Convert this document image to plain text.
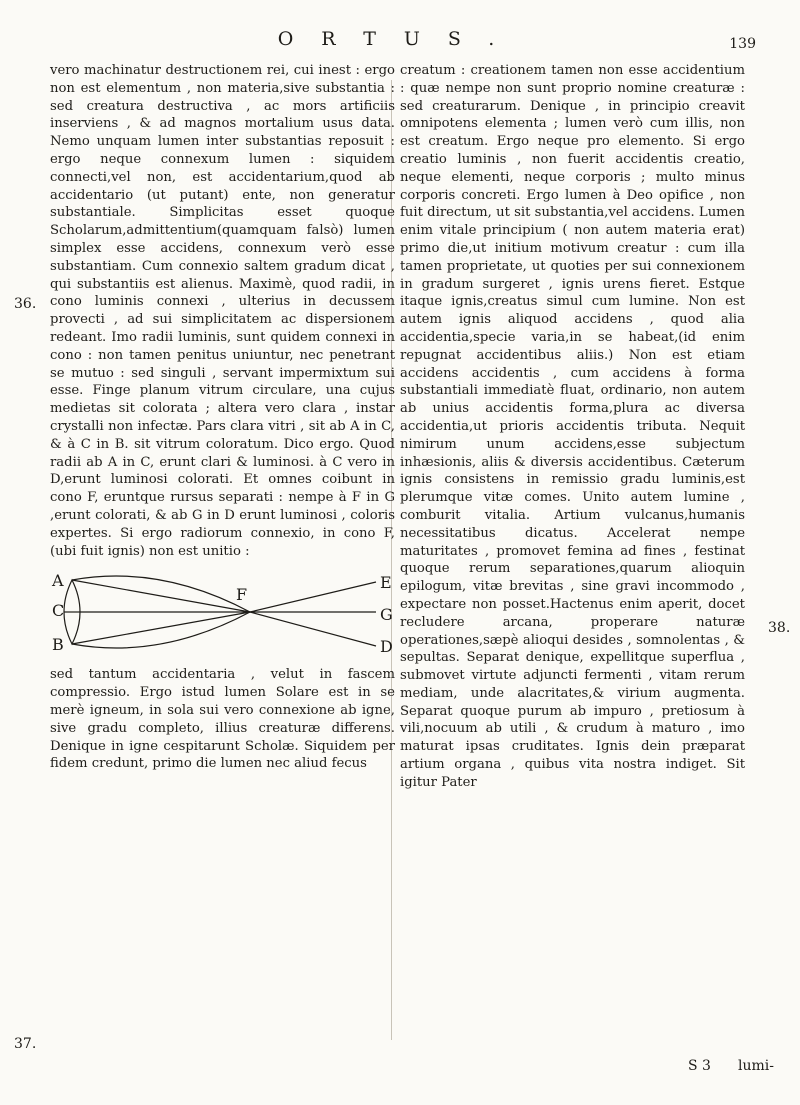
ORTUS.	139
36.
37.
38.

vero machinatur destructionem rei, cui inest : ergo non est elementum , non materia,sive substantia : sed creatura destructiva , ac mors artificiis inserviens , & ad magnos mortalium usus data. Nemo unquam lumen inter substantias reposuit : ergo neque connexum lumen : siquidem connecti,vel non, est accidentarium,quod ab accidentario (ut putant) ente, non generatur substantiale. Simplicitas esset quoque Scholarum,admittentium(quamquam falsò) lumen simplex esse accidens, connexum verò esse substantiam. Cum connexio saltem gradum dicat , qui substantiis est alienus. Maximè, quod radii, in cono luminis connexi , ulterius in decussem provecti , ad sui simplicitatem ac dispersionem redeant. Imo radii luminis, sunt quidem connexi in cono : non tamen penitus uniuntur, nec penetrant se mutuo : sed singuli , servant impermixtum sui esse. Finge planum vitrum circulare, una cujus medietas sit colorata ; altera vero clara , instar crystalli non infectæ. Pars clara vitri , sit ab A in C, & à C in B. sit vitrum coloratum. Dico ergo. Quod radii ab A in C, erunt clari & luminosi. à C vero in D,erunt luminosi colorati. Et omnes coibunt in cono F, eruntque rursus separati : nempe à F in G ,erunt colorati, & ab G in D erunt luminosi , coloris expertes. Si ergo radiorum connexio, in cono F, (ubi fuit ignis) non est unitio :

A
C
B
F
E
G
D

sed tantum accidentaria , velut in fascem compressio. Ergo istud lumen Solare est in se merè igneum, in sola sui vero connexione ab igne, sive gradu completo, illius creaturæ differens. Denique in igne cespitarunt Scholæ. Siquidem per fidem credunt, primo die lumen nec aliud fecus

creatum : creationem tamen non esse accidentium : quæ nempe non sunt proprio nomine creaturæ : sed creaturarum. Denique , in principio creavit omnipotens elementa ; lumen verò cum illis, non est creatum. Ergo neque pro elemento. Si ergo creatio luminis , non fuerit accidentis creatio, neque elementi, neque corporis ; multo minus corporis concreti. Ergo lumen à Deo opifice , non fuit directum, ut sit substantia,vel accidens. Lumen enim vitale principium ( non autem materia erat) primo die,ut initium motivum creatur : cum illa tamen proprietate, ut quoties per sui connexionem in gradum surgeret , ignis urens fieret. Estque itaque ignis,creatus simul cum lumine. Non est autem ignis aliquod accidens , quod alia accidentia,specie varia,in se habeat,(id enim repugnat accidentibus aliis.) Non est etiam accidens accidentis , cum accidens à forma substantiali immediatè fluat, ordinario, non autem ab unius accidentis forma,plura ac diversa accidentia,ut prioris accidentis tributa. Nequit nimirum unum accidens,esse subjectum inhæsionis, aliis & diversis accidentibus. Cæterum ignis consistens in remissio gradu luminis,est plerumque vitæ comes. Unito autem lumine , comburit vitalia. Artium vulcanus,humanis necessitatibus dicatus. Accelerat nempe maturitates , promovet femina ad fines , festinat quoque rerum separationes,quarum alioquin epilogum, vitæ brevitas , sine gravi incommodo , expectare non posset.Hactenus enim aperit, docet recludere arcana, properare naturæ operationes,sæpè alioqui desides , somnolentas , & sepultas. Separat denique, expellitque superflua , submovet virtute adjuncti fermenti , vitam rerum mediam, unde alacritates,& virium augmenta. Separat quoque purum ab impuro , pretiosum à vili,nocuum ab utili , & crudum à maturo , imo maturat ipsas cruditates. Ignis dein præparat artium organa , quibus vita nostra indiget. Sit igitur Pater

S 3 lumi-
